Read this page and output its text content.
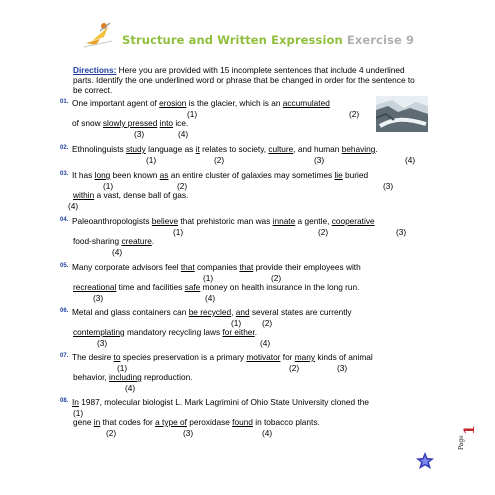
Structure and Written Expression Exercise 9
Directions: Here you are provided with 15 incomplete sentences that include 4 underlined parts. Identify the one underlined word or phrase that be changed in order for the sentence to be correct.
01. One important agent of erosion is the glacier, which is an accumulated
(1)	(2)
of snow slowly pressed into ice.
(3)	(4)
02. Ethnolinguists study language as it relates to society, culture, and human behaving.
(1)	(2)	(3)	(4)
03. It has long been known as an entire cluster of galaxies may sometimes lie buried
(1)	(2)	(3)
within a vast, dense ball of gas.
(4)
04. Paleoanthropologists believe that prehistoric man was innate a gentle, cooperative
(1)	(2)	(3)
food-sharing creature.
(4)
05. Many corporate advisors feel that companies that provide their employees with
(1)	(2)
recreational time and facilities safe money on health insurance in the long run.
(3)	(4)
06. Metal and glass containers can be recycled, and several states are currently
(1)	(2)
contemplating mandatory recycling laws for either.
(3)	(4)
07. The desire to species preservation is a primary motivator for many kinds of animal
(1)	(2)	(3)
behavior, including reproduction.
(4)
08. In 1987, molecular biologist L. Mark Lagrimini of Ohio State University cloned the
(1)
gene in that codes for a type of peroxidase found in tobacco plants.
(2)	(3)	(4)
Page
1
